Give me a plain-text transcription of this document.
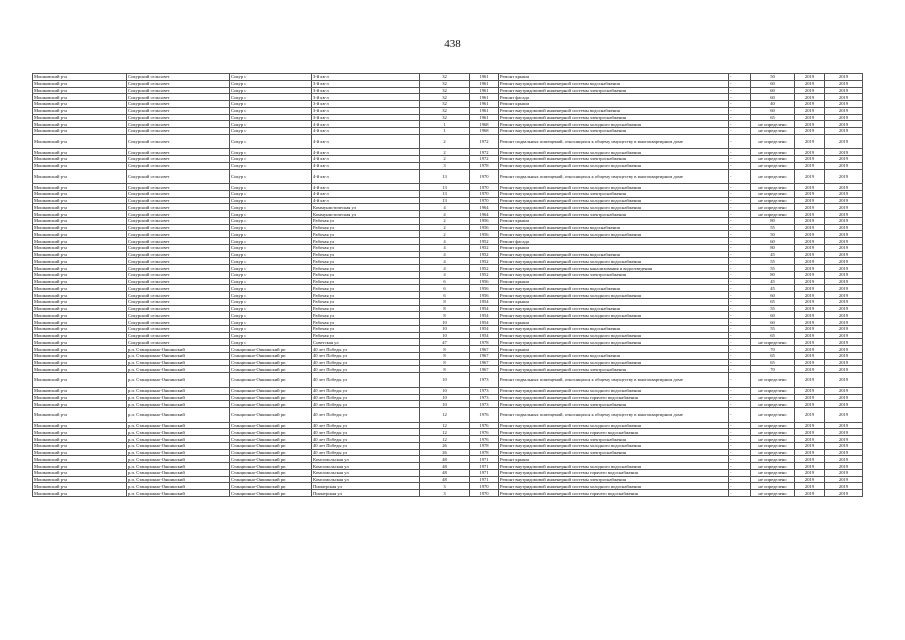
438
Мошковский р-н	Сокурский сельсовет	Сокур с	3-й кв-л	32	1961	Ремонт крыши	-	50	2019	2019
Мошковский р-н	Сокурский сельсовет	Сокур с	3-й кв-л	32	1961	Ремонт внутридомовой инженерной системы водоснабжения	-	60	2019	2019
Мошковский р-н	Сокурский сельсовет	Сокур с	3-й кв-л	32	1961	Ремонт внутридомовой инженерной системы электроснабжения	-	60	2019	2019
Мошковский р-н	Сокурский сельсовет	Сокур с	3-й кв-л	32	1961	Ремонт фасада	-	60	2019	2019
Мошковский р-н	Сокурский сельсовет	Сокур с	3-й кв-л	32	1961	Ремонт крыши	-	40	2019	2019
Мошковский р-н	Сокурский сельсовет	Сокур с	3-й кв-л	32	1961	Ремонт внутридомовой инженерной системы водоснабжения	-	60	2019	2019
Мошковский р-н	Сокурский сельсовет	Сокур с	3-й кв-л	32	1961	Ремонт внутридомовой инженерной системы электроснабжения	-	65	2019	2019
Мошковский р-н	Сокурский сельсовет	Сокур с	4-й кв-л	1	1968	Ремонт внутридомовой инженерной системы холодного водоснабжения	-	не определено	2019	2019
Мошковский р-н	Сокурский сельсовет	Сокур с	4-й кв-л	1	1968	Ремонт внутридомовой инженерной системы электроснабжения	-	не определено	2019	2019
Мошковский р-н	Сокурский сельсовет	Сокур с	4-й кв-л	2	1972	Ремонт подвальных помещений, относящихся к общему имуществу в многоквартирном доме	-	не определено	2019	2019
Мошковский р-н	Сокурский сельсовет	Сокур с	4-й кв-л	2	1972	Ремонт внутридомовой инженерной системы холодного водоснабжения	-	не определено	2019	2019
Мошковский р-н	Сокурский сельсовет	Сокур с	4-й кв-л	2	1972	Ремонт внутридомовой инженерной системы электроснабжения	-	не определено	2019	2019
Мошковский р-н	Сокурский сельсовет	Сокур с	4-й кв-л	3	1978	Ремонт внутридомовой инженерной системы холодного водоснабжения	-	не определено	2019	2019
Мошковский р-н	Сокурский сельсовет	Сокур с	4-й кв-л	13	1970	Ремонт подвальных помещений, относящихся к общему имуществу в многоквартирном доме	-	не определено	2019	2019
Мошковский р-н	Сокурский сельсовет	Сокур с	4-й кв-л	13	1970	Ремонт внутридомовой инженерной системы холодного водоснабжения	-	не определено	2019	2019
Мошковский р-н	Сокурский сельсовет	Сокур с	4-й кв-л	13	1970	Ремонт внутридомовой инженерной системы электроснабжения	-	не определено	2019	2019
Мошковский р-н	Сокурский сельсовет	Сокур с	4-й кв-л	13	1970	Ремонт внутридомовой инженерной системы холодного водоснабжения	-	не определено	2019	2019
Мошковский р-н	Сокурский сельсовет	Сокур с	Коммунистическая ул	4	1964	Ремонт внутридомовой инженерной системы холодного водоснабжения	-	не определено	2019	2019
Мошковский р-н	Сокурский сельсовет	Сокур с	Коммунистическая ул	4	1964	Ремонт внутридомовой инженерной системы электроснабжения	-	не определено	2019	2019
Мошковский р-н	Сокурский сельсовет	Сокур с	Рабочая ул	2	1956	Ремонт крыши	-	80	2019	2019
Мошковский р-н	Сокурский сельсовет	Сокур с	Рабочая ул	2	1956	Ремонт внутридомовой инженерной системы водоснабжения	-	55	2019	2019
Мошковский р-н	Сокурский сельсовет	Сокур с	Рабочая ул	2	1956	Ремонт внутридомовой инженерной системы холодного водоснабжения	-	50	2019	2019
Мошковский р-н	Сокурский сельсовет	Сокур с	Рабочая ул	4	1952	Ремонт фасада	-	60	2019	2019
Мошковский р-н	Сокурский сельсовет	Сокур с	Рабочая ул	4	1952	Ремонт крыши	-	80	2019	2019
Мошковский р-н	Сокурский сельсовет	Сокур с	Рабочая ул	4	1952	Ремонт внутридомовой инженерной системы водоснабжения	-	45	2019	2019
Мошковский р-н	Сокурский сельсовет	Сокур с	Рабочая ул	4	1952	Ремонт внутридомовой инженерной системы холодного водоснабжения	-	55	2019	2019
Мошковский р-н	Сокурский сельсовет	Сокур с	Рабочая ул	4	1952	Ремонт внутридомовой инженерной системы канализования и водоотведения	-	55	2019	2019
Мошковский р-н	Сокурский сельсовет	Сокур с	Рабочая ул	4	1952	Ремонт внутридомовой инженерной системы электроснабжения	-	80	2019	2019
Мошковский р-н	Сокурский сельсовет	Сокур с	Рабочая ул	6	1956	Ремонт крыши	-	45	2019	2019
Мошковский р-н	Сокурский сельсовет	Сокур с	Рабочая ул	6	1956	Ремонт внутридомовой инженерной системы водоснабжения	-	45	2019	2019
Мошковский р-н	Сокурский сельсовет	Сокур с	Рабочая ул	6	1956	Ремонт внутридомовой инженерной системы холодного водоснабжения	-	60	2019	2019
Мошковский р-н	Сокурский сельсовет	Сокур с	Рабочая ул	8	1954	Ремонт крыши	-	65	2019	2019
Мошковский р-н	Сокурский сельсовет	Сокур с	Рабочая ул	8	1954	Ремонт внутридомовой инженерной системы водоснабжения	-	55	2019	2019
Мошковский р-н	Сокурский сельсовет	Сокур с	Рабочая ул	8	1954	Ремонт внутридомовой инженерной системы холодного водоснабжения	-	60	2019	2019
Мошковский р-н	Сокурский сельсовет	Сокур с	Рабочая ул	10	1954	Ремонт крыши	-	60	2019	2019
Мошковский р-н	Сокурский сельсовет	Сокур с	Рабочая ул	10	1954	Ремонт внутридомовой инженерной системы водоснабжения	-	55	2019	2019
Мошковский р-н	Сокурский сельсовет	Сокур с	Рабочая ул	10	1954	Ремонт внутридомовой инженерной системы холодного водоснабжения	-	65	2019	2019
Мошковский р-н	Сокурский сельсовет	Сокур с	Советская ул	47	1978	Ремонт внутридомовой инженерной системы холодного водоснабжения	-	не определено	2019	2019
Мошковский р-н	р.п. Станционно-Ояшинский	Станционно-Ояшинский рп	40 лет Победы ул	8	1967	Ремонт крыши	-	70	2019	2019
Мошковский р-н	р.п. Станционно-Ояшинский	Станционно-Ояшинский рп	40 лет Победы ул	8	1967	Ремонт внутридомовой инженерной системы водоснабжения	-	65	2019	2019
Мошковский р-н	р.п. Станционно-Ояшинский	Станционно-Ояшинский рп	40 лет Победы ул	8	1967	Ремонт внутридомовой инженерной системы холодного водоснабжения	-	65	2019	2019
Мошковский р-н	р.п. Станционно-Ояшинский	Станционно-Ояшинский рп	40 лет Победы ул	8	1967	Ремонт внутридомовой инженерной системы электроснабжения	-	70	2019	2019
Мошковский р-н	р.п. Станционно-Ояшинский	Станционно-Ояшинский рп	40 лет Победы ул	10	1973	Ремонт подвальных помещений, относящихся к общему имуществу в многоквартирном доме	-	не определено	2019	2019
Мошковский р-н	р.п. Станционно-Ояшинский	Станционно-Ояшинский рп	40 лет Победы ул	10	1973	Ремонт внутридомовой инженерной системы холодного водоснабжения	-	не определено	2019	2019
Мошковский р-н	р.п. Станционно-Ояшинский	Станционно-Ояшинский рп	40 лет Победы ул	10	1973	Ремонт внутридомовой инженерной системы горячего водоснабжения	-	не определено	2019	2019
Мошковский р-н	р.п. Станционно-Ояшинский	Станционно-Ояшинский рп	40 лет Победы ул	10	1973	Ремонт внутридомовой инженерной системы электроснабжения	-	не определено	2019	2019
Мошковский р-н	р.п. Станционно-Ояшинский	Станционно-Ояшинский рп	40 лет Победы ул	12	1976	Ремонт подвальных помещений, относящихся к общему имуществу в многоквартирном доме	-	не определено	2019	2019
Мошковский р-н	р.п. Станционно-Ояшинский	Станционно-Ояшинский рп	40 лет Победы ул	12	1976	Ремонт внутридомовой инженерной системы холодного водоснабжения	-	не определено	2019	2019
Мошковский р-н	р.п. Станционно-Ояшинский	Станционно-Ояшинский рп	40 лет Победы ул	12	1976	Ремонт внутридомовой инженерной системы горячего водоснабжения	-	не определено	2019	2019
Мошковский р-н	р.п. Станционно-Ояшинский	Станционно-Ояшинский рп	40 лет Победы ул	12	1976	Ремонт внутридомовой инженерной системы электроснабжения	-	не определено	2019	2019
Мошковский р-н	р.п. Станционно-Ояшинский	Станционно-Ояшинский рп	40 лет Победы ул	26	1978	Ремонт внутридомовой инженерной системы холодного водоснабжения	-	не определено	2019	2019
Мошковский р-н	р.п. Станционно-Ояшинский	Станционно-Ояшинский рп	40 лет Победы ул	26	1978	Ремонт внутридомовой инженерной системы электроснабжения	-	не определено	2019	2019
Мошковский р-н	р.п. Станционно-Ояшинский	Станционно-Ояшинский рп	Комсомольская ул	48	1971	Ремонт крыши	-	не определено	2019	2019
Мошковский р-н	р.п. Станционно-Ояшинский	Станционно-Ояшинский рп	Комсомольская ул	48	1971	Ремонт внутридомовой инженерной системы холодного водоснабжения	-	не определено	2019	2019
Мошковский р-н	р.п. Станционно-Ояшинский	Станционно-Ояшинский рп	Комсомольская ул	48	1971	Ремонт внутридомовой инженерной системы горячего водоснабжения	-	не определено	2019	2019
Мошковский р-н	р.п. Станционно-Ояшинский	Станционно-Ояшинский рп	Комсомольская ул	48	1971	Ремонт внутридомовой инженерной системы электроснабжения	-	не определено	2019	2019
Мошковский р-н	р.п. Станционно-Ояшинский	Станционно-Ояшинский рп	Пионерская ул	3	1970	Ремонт внутридомовой инженерной системы холодного водоснабжения	-	не определено	2019	2019
Мошковский р-н	р.п. Станционно-Ояшинский	Станционно-Ояшинский рп	Пионерская ул	3	1970	Ремонт внутридомовой инженерной системы горячего водоснабжения	-	не определено	2019	2019
